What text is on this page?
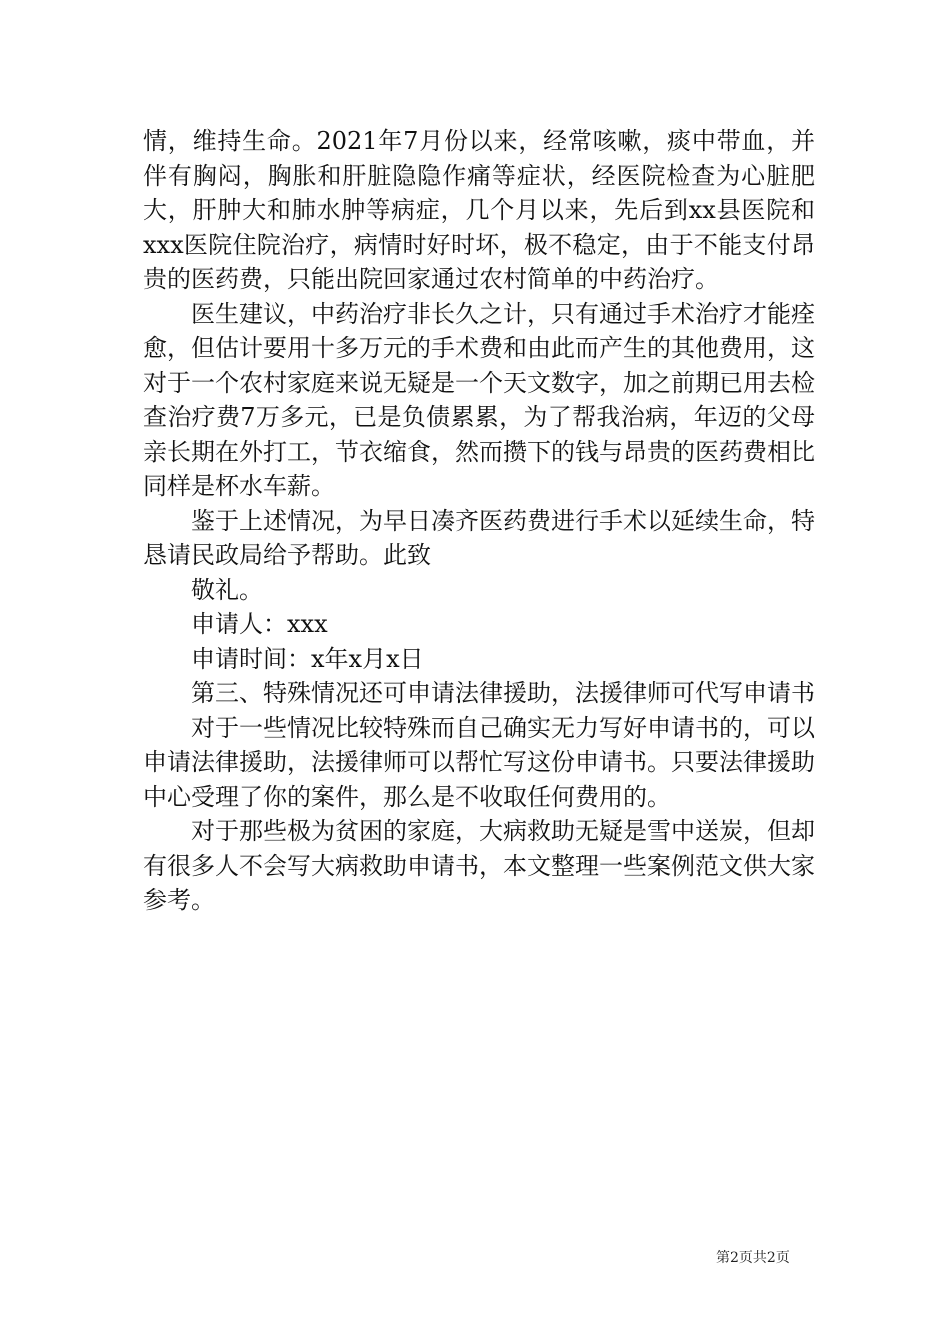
情，维持生命。2021年7月份以来，经常咳嗽，痰中带血，并伴有胸闷，胸胀和肝脏隐隐作痛等症状，经医院检查为心脏肥大，肝肿大和肺水肿等病症，几个月以来，先后到xx县医院和xxx医院住院治疗，病情时好时坏，极不稳定，由于不能支付昂贵的医药费，只能出院回家通过农村简单的中药治疗。

医生建议，中药治疗非长久之计，只有通过手术治疗才能痊愈，但估计要用十多万元的手术费和由此而产生的其他费用，这对于一个农村家庭来说无疑是一个天文数字，加之前期已用去检查治疗费7万多元，已是负债累累，为了帮我治病，年迈的父母亲长期在外打工，节衣缩食，然而攒下的钱与昂贵的医药费相比同样是杯水车薪。

鉴于上述情况，为早日凑齐医药费进行手术以延续生命，特恳请民政局给予帮助。此致

敬礼。

申请人：xxx

申请时间：x年x月x日

第三、特殊情况还可申请法律援助，法援律师可代写申请书

对于一些情况比较特殊而自己确实无力写好申请书的，可以申请法律援助，法援律师可以帮忙写这份申请书。只要法律援助中心受理了你的案件，那么是不收取任何费用的。

对于那些极为贫困的家庭，大病救助无疑是雪中送炭，但却有很多人不会写大病救助申请书，本文整理一些案例范文供大家参考。

第2页共2页
